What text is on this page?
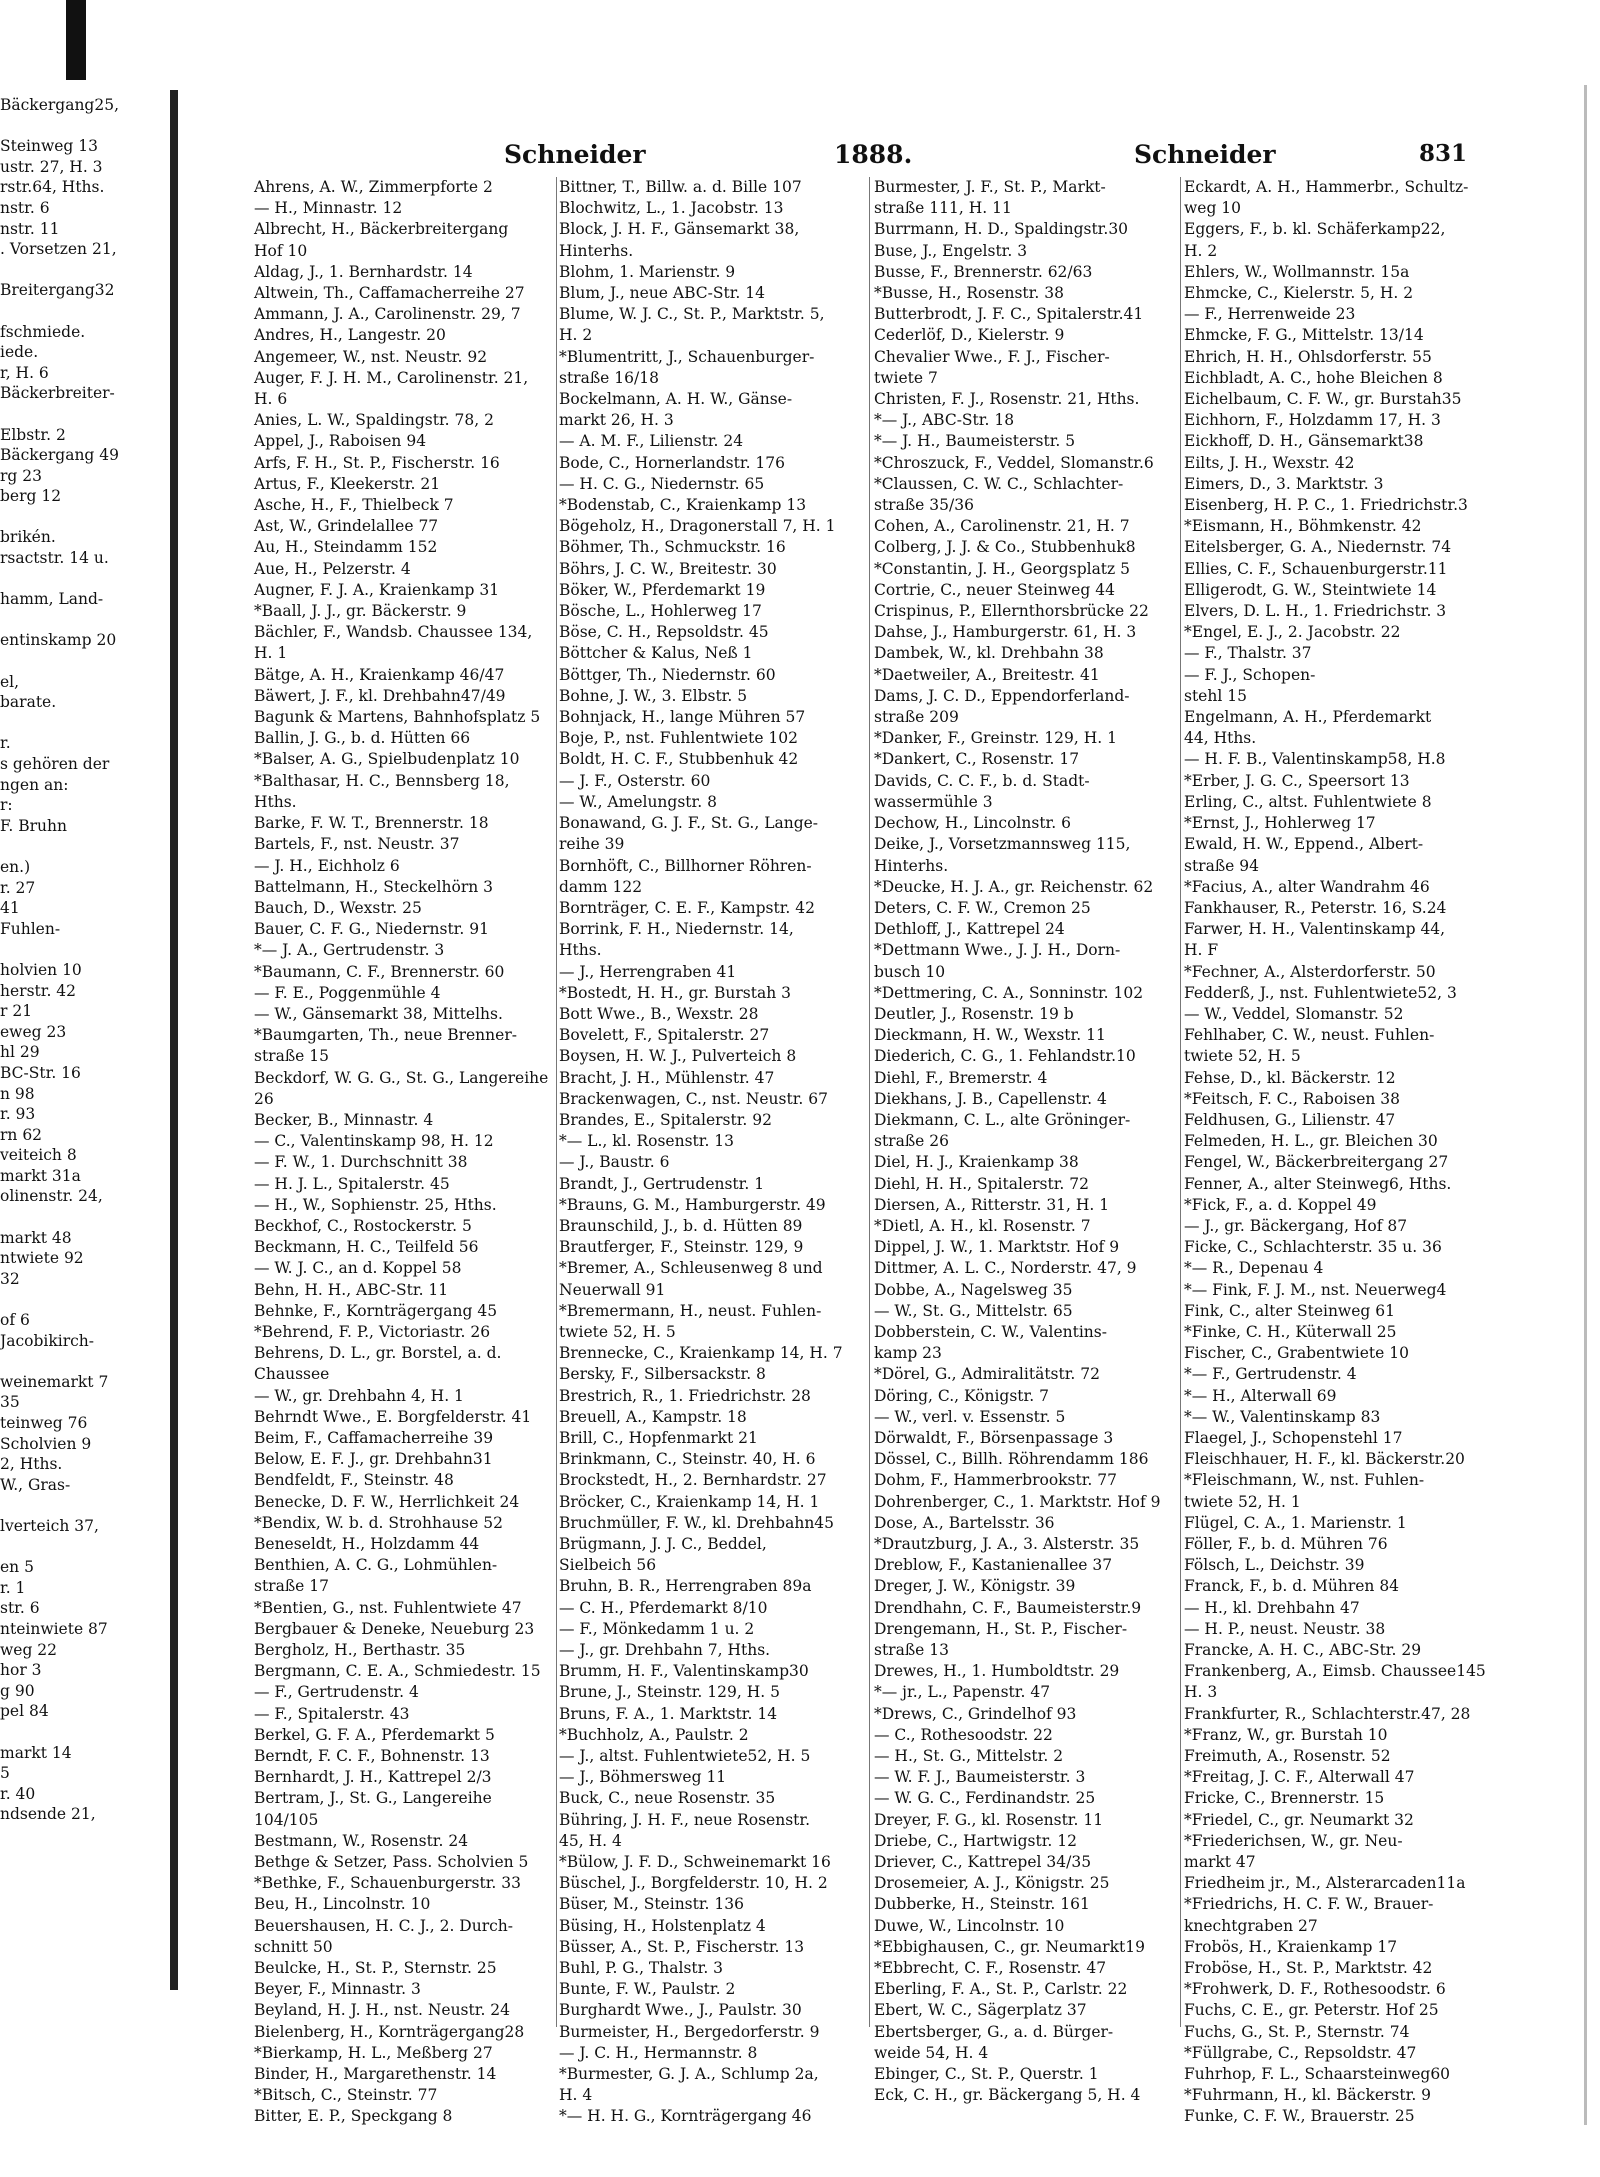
Bäckergang25,

Steinweg 13
ustr. 27, H. 3
rstr.64, Hths.
nstr. 6
nstr. 11
. Vorsetzen 21,

Breitergang32

fschmiede.
iede.
r, H. 6
Bäckerbreiter-

Elbstr. 2
Bäckergang 49
rg 23
berg 12

brikén.
rsactstr. 14 u.

hamm, Land-

entinskamp 20

el,
barate.

r.
s gehören der
ngen an:
r:
F. Bruhn

en.)
r. 27
41
Fuhlen-

holvien 10
herstr. 42
r 21
eweg 23
hl 29
BC-Str. 16
n 98
r. 93
rn 62
veiteich 8
markt 31a
olinenstr. 24,

markt 48
ntwiete 92
32

of 6
Jacobikirch-

weinemarkt 7
35
teinweg 76
Scholvien 9
2, Hths.
W., Gras-

lverteich 37,

en 5
r. 1
str. 6
nteinwiete 87
weg 22
hor 3
g 90
pel 84

markt 14
5
r. 40
ndsende 21,
Schneider	1888.	Schneider	831
Ahrens, A. W., Zimmerpforte 2
— H., Minnastr. 12
Albrecht, H., Bäckerbreitergang
Hof 10
Aldag, J., 1. Bernhardstr. 14
Altwein, Th., Caffamacherreihe 27
Ammann, J. A., Carolinenstr. 29, 7
Andres, H., Langestr. 20
Angemeer, W., nst. Neustr. 92
Auger, F. J. H. M., Carolinenstr. 21,
H. 6
Anies, L. W., Spaldingstr. 78, 2
Appel, J., Raboisen 94
Arfs, F. H., St. P., Fischerstr. 16
Artus, F., Kleekerstr. 21
Asche, H., F., Thielbeck 7
Ast, W., Grindelallee 77
Au, H., Steindamm 152
Aue, H., Pelzerstr. 4
Augner, F. J. A., Kraienkamp 31
*Baall, J. J., gr. Bäckerstr. 9
Bächler, F., Wandsb. Chaussee 134,
H. 1
Bätge, A. H., Kraienkamp 46/47
Bäwert, J. F., kl. Drehbahn47/49
Bagunk & Martens, Bahnhofsplatz 5
Ballin, J. G., b. d. Hütten 66
*Balser, A. G., Spielbudenplatz 10
*Balthasar, H. C., Bennsberg 18,
Hths.
Barke, F. W. T., Brennerstr. 18
Bartels, F., nst. Neustr. 37
— J. H., Eichholz 6
Battelmann, H., Steckelhörn 3
Bauch, D., Wexstr. 25
Bauer, C. F. G., Niedernstr. 91
*— J. A., Gertrudenstr. 3
*Baumann, C. F., Brennerstr. 60
— F. E., Poggenmühle 4
— W., Gänsemarkt 38, Mittelhs.
*Baumgarten, Th., neue Brenner-
straße 15
Beckdorf, W. G. G., St. G., Langereihe
26
Becker, B., Minnastr. 4
— C., Valentinskamp 98, H. 12
— F. W., 1. Durchschnitt 38
— H. J. L., Spitalerstr. 45
— H., W., Sophienstr. 25, Hths.
Beckhof, C., Rostockerstr. 5
Beckmann, H. C., Teilfeld 56
— W. J. C., an d. Koppel 58
Behn, H. H., ABC-Str. 11
Behnke, F., Kornträgergang 45
*Behrend, F. P., Victoriastr. 26
Behrens, D. L., gr. Borstel, a. d.
Chaussee
— W., gr. Drehbahn 4, H. 1
Behrndt Wwe., E. Borgfelderstr. 41
Beim, F., Caffamacherreihe 39
Below, E. F. J., gr. Drehbahn31
Bendfeldt, F., Steinstr. 48
Benecke, D. F. W., Herrlichkeit 24
*Bendix, W. b. d. Strohhause 52
Beneseldt, H., Holzdamm 44
Benthien, A. C. G., Lohmühlen-
straße 17
*Bentien, G., nst. Fuhlentwiete 47
Bergbauer & Deneke, Neueburg 23
Bergholz, H., Berthastr. 35
Bergmann, C. E. A., Schmiedestr. 15
— F., Gertrudenstr. 4
— F., Spitalerstr. 43
Berkel, G. F. A., Pferdemarkt 5
Berndt, F. C. F., Bohnenstr. 13
Bernhardt, J. H., Kattrepel 2/3
Bertram, J., St. G., Langereihe
104/105
Bestmann, W., Rosenstr. 24
Bethge & Setzer, Pass. Scholvien 5
*Bethke, F., Schauenburgerstr. 33
Beu, H., Lincolnstr. 10
Beuershausen, H. C. J., 2. Durch-
schnitt 50
Beulcke, H., St. P., Sternstr. 25
Beyer, F., Minnastr. 3
Beyland, H. J. H., nst. Neustr. 24
Bielenberg, H., Kornträgergang28
*Bierkamp, H. L., Meßberg 27
Binder, H., Margarethenstr. 14
*Bitsch, C., Steinstr. 77
Bitter, E. P., Speckgang 8
Bittner, T., Billw. a. d. Bille 107
Blochwitz, L., 1. Jacobstr. 13
Block, J. H. F., Gänsemarkt 38,
Hinterhs.
Blohm, 1. Marienstr. 9
Blum, J., neue ABC-Str. 14
Blume, W. J. C., St. P., Marktstr. 5,
H. 2
*Blumentritt, J., Schauenburger-
straße 16/18
Bockelmann, A. H. W., Gänse-
markt 26, H. 3
— A. M. F., Lilienstr. 24
Bode, C., Hornerlandstr. 176
— H. C. G., Niedernstr. 65
*Bodenstab, C., Kraienkamp 13
Bögeholz, H., Dragonerstall 7, H. 1
Böhmer, Th., Schmuckstr. 16
Böhrs, J. C. W., Breitestr. 30
Böker, W., Pferdemarkt 19
Bösche, L., Hohlerweg 17
Böse, C. H., Repsoldstr. 45
Böttcher & Kalus, Neß 1
Böttger, Th., Niedernstr. 60
Bohne, J. W., 3. Elbstr. 5
Bohnjack, H., lange Mühren 57
Boje, P., nst. Fuhlentwiete 102
Boldt, H. C. F., Stubbenhuk 42
— J. F., Osterstr. 60
— W., Amelungstr. 8
Bonawand, G. J. F., St. G., Lange-
reihe 39
Bornhöft, C., Billhorner Röhren-
damm 122
Bornträger, C. E. F., Kampstr. 42
Borrink, F. H., Niedernstr. 14,
Hths.
— J., Herrengraben 41
*Bostedt, H. H., gr. Burstah 3
Bott Wwe., B., Wexstr. 28
Bovelett, F., Spitalerstr. 27
Boysen, H. W. J., Pulverteich 8
Bracht, J. H., Mühlenstr. 47
Brackenwagen, C., nst. Neustr. 67
Brandes, E., Spitalerstr. 92
*— L., kl. Rosenstr. 13
— J., Baustr. 6
Brandt, J., Gertrudenstr. 1
*Brauns, G. M., Hamburgerstr. 49
Braunschild, J., b. d. Hütten 89
Brautferger, F., Steinstr. 129, 9
*Bremer, A., Schleusenweg 8 und
Neuerwall 91
*Bremermann, H., neust. Fuhlen-
twiete 52, H. 5
Brennecke, C., Kraienkamp 14, H. 7
Bersky, F., Silbersackstr. 8
Brestrich, R., 1. Friedrichstr. 28
Breuell, A., Kampstr. 18
Brill, C., Hopfenmarkt 21
Brinkmann, C., Steinstr. 40, H. 6
Brockstedt, H., 2. Bernhardstr. 27
Bröcker, C., Kraienkamp 14, H. 1
Bruchmüller, F. W., kl. Drehbahn45
Brügmann, J. J. C., Beddel,
Sielbeich 56
Bruhn, B. R., Herrengraben 89a
— C. H., Pferdemarkt 8/10
— F., Mönkedamm 1 u. 2
— J., gr. Drehbahn 7, Hths.
Brumm, H. F., Valentinskamp30
Brune, J., Steinstr. 129, H. 5
Bruns, F. A., 1. Marktstr. 14
*Buchholz, A., Paulstr. 2
— J., altst. Fuhlentwiete52, H. 5
— J., Böhmersweg 11
Buck, C., neue Rosenstr. 35
Bühring, J. H. F., neue Rosenstr.
45, H. 4
*Bülow, J. F. D., Schweinemarkt 16
Büschel, J., Borgfelderstr. 10, H. 2
Büser, M., Steinstr. 136
Büsing, H., Holstenplatz 4
Büsser, A., St. P., Fischerstr. 13
Buhl, P. G., Thalstr. 3
Bunte, F. W., Paulstr. 2
Burghardt Wwe., J., Paulstr. 30
Burmeister, H., Bergedorferstr. 9
— J. C. H., Hermannstr. 8
*Burmester, G. J. A., Schlump 2a,
H. 4
*— H. H. G., Kornträgergang 46
Burmester, J. F., St. P., Markt-
straße 111, H. 11
Burrmann, H. D., Spaldingstr.30
Buse, J., Engelstr. 3
Busse, F., Brennerstr. 62/63
*Busse, H., Rosenstr. 38
Butterbrodt, J. F. C., Spitalerstr.41
Cederlöf, D., Kielerstr. 9
Chevalier Wwe., F. J., Fischer-
twiete 7
Christen, F. J., Rosenstr. 21, Hths.
*— J., ABC-Str. 18
*— J. H., Baumeisterstr. 5
*Chroszuck, F., Veddel, Slomanstr.6
*Claussen, C. W. C., Schlachter-
straße 35/36
Cohen, A., Carolinenstr. 21, H. 7
Colberg, J. J. & Co., Stubbenhuk8
*Constantin, J. H., Georgsplatz 5
Cortrie, C., neuer Steinweg 44
Crispinus, P., Ellernthorsbrücke 22
Dahse, J., Hamburgerstr. 61, H. 3
Dambek, W., kl. Drehbahn 38
*Daetweiler, A., Breitestr. 41
Dams, J. C. D., Eppendorferland-
straße 209
*Danker, F., Greinstr. 129, H. 1
*Dankert, C., Rosenstr. 17
Davids, C. C. F., b. d. Stadt-
wassermühle 3
Dechow, H., Lincolnstr. 6
Deike, J., Vorsetzmannsweg 115,
Hinterhs.
*Deucke, H. J. A., gr. Reichenstr. 62
Deters, C. F. W., Cremon 25
Dethloff, J., Kattrepel 24
*Dettmann Wwe., J. J. H., Dorn-
busch 10
*Dettmering, C. A., Sonninstr. 102
Deutler, J., Rosenstr. 19 b
Dieckmann, H. W., Wexstr. 11
Diederich, C. G., 1. Fehlandstr.10
Diehl, F., Bremerstr. 4
Diekhans, J. B., Capellenstr. 4
Diekmann, C. L., alte Gröninger-
straße 26
Diel, H. J., Kraienkamp 38
Diehl, H. H., Spitalerstr. 72
Diersen, A., Ritterstr. 31, H. 1
*Dietl, A. H., kl. Rosenstr. 7
Dippel, J. W., 1. Marktstr. Hof 9
Dittmer, A. L. C., Norderstr. 47, 9
Dobbe, A., Nagelsweg 35
— W., St. G., Mittelstr. 65
Dobberstein, C. W., Valentins-
kamp 23
*Dörel, G., Admiralitätstr. 72
Döring, C., Königstr. 7
— W., verl. v. Essenstr. 5
Dörwaldt, F., Börsenpassage 3
Dössel, C., Billh. Röhrendamm 186
Dohm, F., Hammerbrookstr. 77
Dohrenberger, C., 1. Marktstr. Hof 9
Dose, A., Bartelsstr. 36
*Drautzburg, J. A., 3. Alsterstr. 35
Dreblow, F., Kastanienallee 37
Dreger, J. W., Königstr. 39
Drendhahn, C. F., Baumeisterstr.9
Drengemann, H., St. P., Fischer-
straße 13
Drewes, H., 1. Humboldtstr. 29
*— jr., L., Papenstr. 47
*Drews, C., Grindelhof 93
— C., Rothesoodstr. 22
— H., St. G., Mittelstr. 2
— W. F. J., Baumeisterstr. 3
— W. G. C., Ferdinandstr. 25
Dreyer, F. G., kl. Rosenstr. 11
Driebe, C., Hartwigstr. 12
Driever, C., Kattrepel 34/35
Drosemeier, A. J., Königstr. 25
Dubberke, H., Steinstr. 161
Duwe, W., Lincolnstr. 10
*Ebbighausen, C., gr. Neumarkt19
*Ebbrecht, C. F., Rosenstr. 47
Eberling, F. A., St. P., Carlstr. 22
Ebert, W. C., Sägerplatz 37
Ebertsberger, G., a. d. Bürger-
weide 54, H. 4
Ebinger, C., St. P., Querstr. 1
Eck, C. H., gr. Bäckergang 5, H. 4
Eckardt, A. H., Hammerbr., Schultz-
weg 10
Eggers, F., b. kl. Schäferkamp22,
H. 2
Ehlers, W., Wollmannstr. 15a
Ehmcke, C., Kielerstr. 5, H. 2
— F., Herrenweide 23
Ehmcke, F. G., Mittelstr. 13/14
Ehrich, H. H., Ohlsdorferstr. 55
Eichbladt, A. C., hohe Bleichen 8
Eichelbaum, C. F. W., gr. Burstah35
Eichhorn, F., Holzdamm 17, H. 3
Eickhoff, D. H., Gänsemarkt38
Eilts, J. H., Wexstr. 42
Eimers, D., 3. Marktstr. 3
Eisenberg, H. P. C., 1. Friedrichstr.3
*Eismann, H., Böhmkenstr. 42
Eitelsberger, G. A., Niedernstr. 74
Ellies, C. F., Schauenburgerstr.11
Elligerodt, G. W., Steintwiete 14
Elvers, D. L. H., 1. Friedrichstr. 3
*Engel, E. J., 2. Jacobstr. 22
— F., Thalstr. 37
— F. J., Schopen-
stehl 15
Engelmann, A. H., Pferdemarkt
44, Hths.
— H. F. B., Valentinskamp58, H.8
*Erber, J. G. C., Speersort 13
Erling, C., altst. Fuhlentwiete 8
*Ernst, J., Hohlerweg 17
Ewald, H. W., Eppend., Albert-
straße 94
*Facius, A., alter Wandrahm 46
Fankhauser, R., Peterstr. 16, S.24
Farwer, H. H., Valentinskamp 44,
H. F
*Fechner, A., Alsterdorferstr. 50
Fedderß, J., nst. Fuhlentwiete52, 3
— W., Veddel, Slomanstr. 52
Fehlhaber, C. W., neust. Fuhlen-
twiete 52, H. 5
Fehse, D., kl. Bäckerstr. 12
*Feitsch, F. C., Raboisen 38
Feldhusen, G., Lilienstr. 47
Felmeden, H. L., gr. Bleichen 30
Fengel, W., Bäckerbreitergang 27
Fenner, A., alter Steinweg6, Hths.
*Fick, F., a. d. Koppel 49
— J., gr. Bäckergang, Hof 87
Ficke, C., Schlachterstr. 35 u. 36
*— R., Depenau 4
*— Fink, F. J. M., nst. Neuerweg4
Fink, C., alter Steinweg 61
*Finke, C. H., Küterwall 25
Fischer, C., Grabentwiete 10
*— F., Gertrudenstr. 4
*— H., Alterwall 69
*— W., Valentinskamp 83
Flaegel, J., Schopenstehl 17
Fleischhauer, H. F., kl. Bäckerstr.20
*Fleischmann, W., nst. Fuhlen-
twiete 52, H. 1
Flügel, C. A., 1. Marienstr. 1
Föller, F., b. d. Mühren 76
Fölsch, L., Deichstr. 39
Franck, F., b. d. Mühren 84
— H., kl. Drehbahn 47
— H. P., neust. Neustr. 38
Francke, A. H. C., ABC-Str. 29
Frankenberg, A., Eimsb. Chaussee145
H. 3
Frankfurter, R., Schlachterstr.47, 28
*Franz, W., gr. Burstah 10
Freimuth, A., Rosenstr. 52
*Freitag, J. C. F., Alterwall 47
Fricke, C., Brennerstr. 15
*Friedel, C., gr. Neumarkt 32
*Friederichsen, W., gr. Neu-
markt 47
Friedheim jr., M., Alsterarcaden11a
*Friedrichs, H. C. F. W., Brauer-
knechtgraben 27
Frobös, H., Kraienkamp 17
Froböse, H., St. P., Marktstr. 42
*Frohwerk, D. F., Rothesoodstr. 6
Fuchs, C. E., gr. Peterstr. Hof 25
Fuchs, G., St. P., Sternstr. 74
*Füllgrabe, C., Repsoldstr. 47
Fuhrhop, F. L., Schaarsteinweg60
*Fuhrmann, H., kl. Bäckerstr. 9
Funke, C. F. W., Brauerstr. 25
